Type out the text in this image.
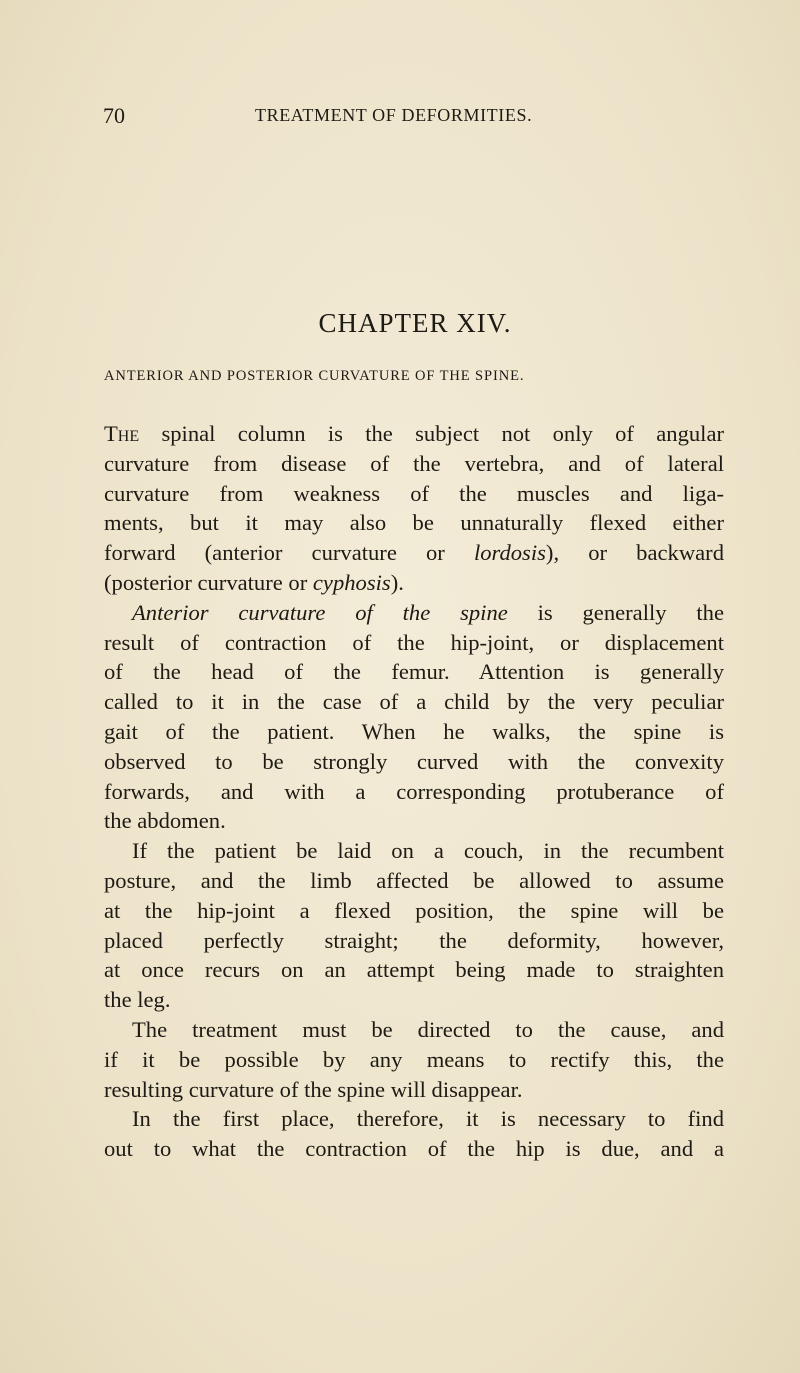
70	TREATMENT OF DEFORMITIES.
CHAPTER XIV.
ANTERIOR AND POSTERIOR CURVATURE OF THE SPINE.
The spinal column is the subject not only of angular
curvature from disease of the vertebra, and of lateral
curvature from weakness of the muscles and liga-
ments, but it may also be unnaturally flexed either
forward (anterior curvature or lordosis), or backward
(posterior curvature or cyphosis).
Anterior curvature of the spine is generally the
result of contraction of the hip-joint, or displacement
of the head of the femur. Attention is generally
called to it in the case of a child by the very peculiar
gait of the patient. When he walks, the spine is
observed to be strongly curved with the convexity
forwards, and with a corresponding protuberance of
the abdomen.
If the patient be laid on a couch, in the recumbent
posture, and the limb affected be allowed to assume
at the hip-joint a flexed position, the spine will be
placed perfectly straight; the deformity, however,
at once recurs on an attempt being made to straighten
the leg.
The treatment must be directed to the cause, and
if it be possible by any means to rectify this, the
resulting curvature of the spine will disappear.
In the first place, therefore, it is necessary to find
out to what the contraction of the hip is due, and a
